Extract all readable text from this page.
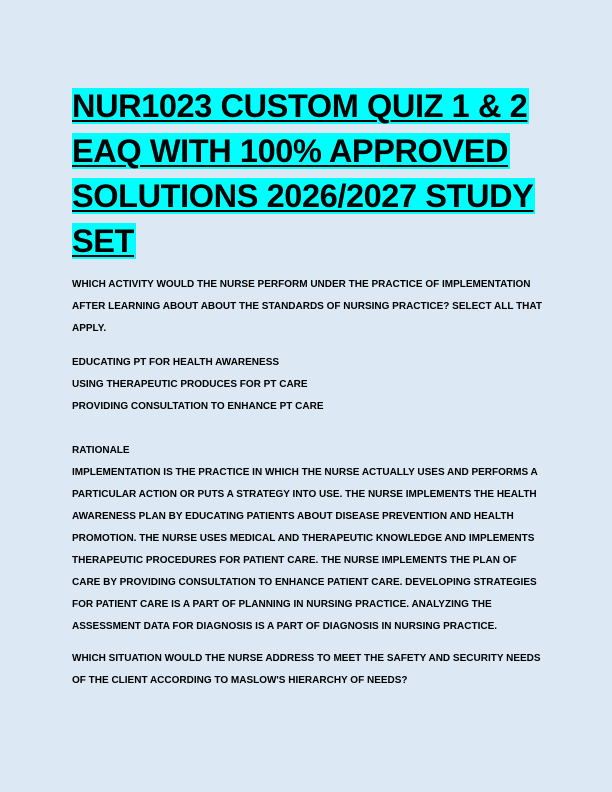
NUR1023 CUSTOM QUIZ 1 & 2 EAQ WITH 100% APPROVED SOLUTIONS 2026/2027 STUDY SET

WHICH ACTIVITY WOULD THE NURSE PERFORM UNDER THE PRACTICE OF IMPLEMENTATION AFTER LEARNING ABOUT ABOUT THE STANDARDS OF NURSING PRACTICE? SELECT ALL THAT APPLY.

EDUCATING PT FOR HEALTH AWARENESS
USING THERAPEUTIC PRODUCES FOR PT CARE
PROVIDING CONSULTATION TO ENHANCE PT CARE
RATIONALE
IMPLEMENTATION IS THE PRACTICE IN WHICH THE NURSE ACTUALLY USES AND PERFORMS A PARTICULAR ACTION OR PUTS A STRATEGY INTO USE. THE NURSE IMPLEMENTS THE HEALTH AWARENESS PLAN BY EDUCATING PATIENTS ABOUT DISEASE PREVENTION AND HEALTH PROMOTION. THE NURSE USES MEDICAL AND THERAPEUTIC KNOWLEDGE AND IMPLEMENTS THERAPEUTIC PROCEDURES FOR PATIENT CARE. THE NURSE IMPLEMENTS THE PLAN OF CARE BY PROVIDING CONSULTATION TO ENHANCE PATIENT CARE. DEVELOPING STRATEGIES FOR PATIENT CARE IS A PART OF PLANNING IN NURSING PRACTICE. ANALYZING THE ASSESSMENT DATA FOR DIAGNOSIS IS A PART OF DIAGNOSIS IN NURSING PRACTICE.

WHICH SITUATION WOULD THE NURSE ADDRESS TO MEET THE SAFETY AND SECURITY NEEDS OF THE CLIENT ACCORDING TO MASLOW'S HIERARCHY OF NEEDS?
